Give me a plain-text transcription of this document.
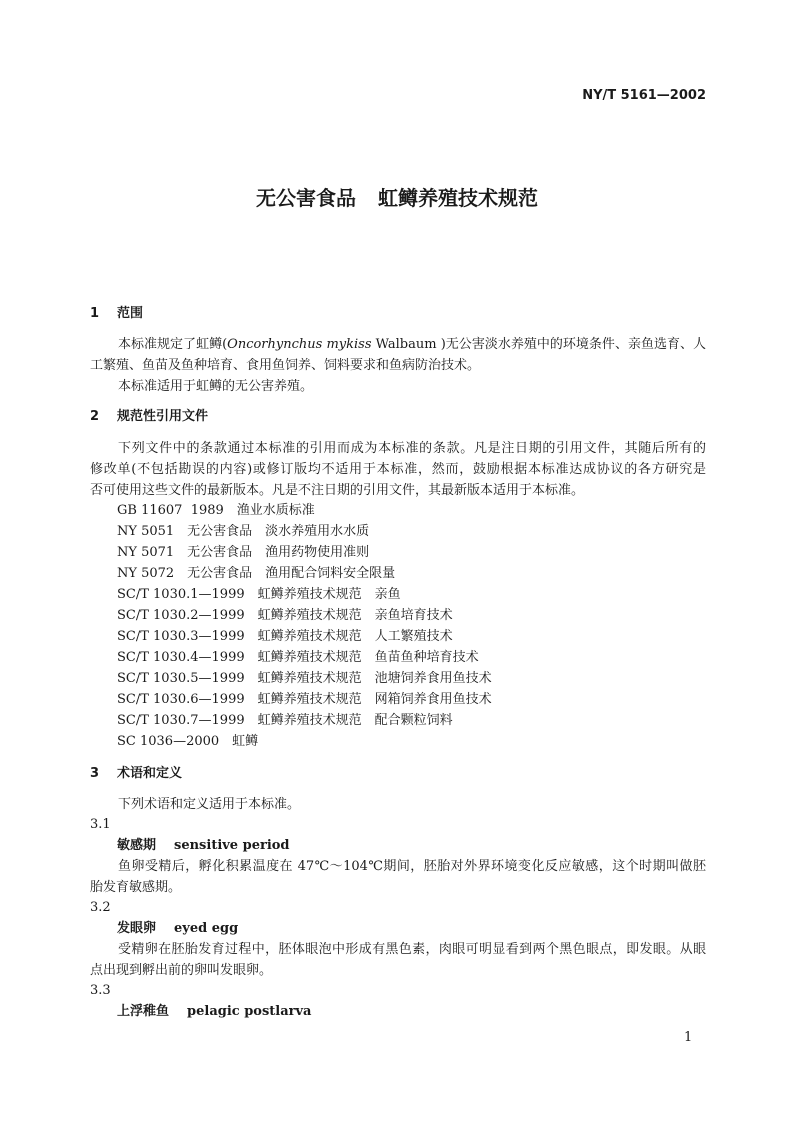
NY/T 5161—2002
无公害食品 虹鳟养殖技术规范
1 范围
本标准规定了虹鳟(Oncorhynchus mykiss Walbaum )无公害淡水养殖中的环境条件、亲鱼选育、人
工繁殖、鱼苗及鱼种培育、食用鱼饲养、饲料要求和鱼病防治技术。
本标准适用于虹鳟的无公害养殖。
2 规范性引用文件
下列文件中的条款通过本标准的引用而成为本标准的条款。凡是注日期的引用文件，其随后所有的
修改单(不包括勘误的内容)或修订版均不适用于本标准，然而，鼓励根据本标准达成协议的各方研究是
否可使用这些文件的最新版本。凡是不注日期的引用文件，其最新版本适用于本标准。
GB 11607  1989　渔业水质标准
NY 5051　无公害食品　淡水养殖用水水质
NY 5071　无公害食品　渔用药物使用准则
NY 5072　无公害食品　渔用配合饲料安全限量
SC/T 1030.1—1999　虹鳟养殖技术规范　亲鱼
SC/T 1030.2—1999　虹鳟养殖技术规范　亲鱼培育技术
SC/T 1030.3—1999　虹鳟养殖技术规范　人工繁殖技术
SC/T 1030.4—1999　虹鳟养殖技术规范　鱼苗鱼种培育技术
SC/T 1030.5—1999　虹鳟养殖技术规范　池塘饲养食用鱼技术
SC/T 1030.6—1999　虹鳟养殖技术规范　网箱饲养食用鱼技术
SC/T 1030.7—1999　虹鳟养殖技术规范　配合颗粒饲料
SC 1036—2000　虹鳟
3 术语和定义
下列术语和定义适用于本标准。
3.1
敏感期 sensitive period
鱼卵受精后，孵化积累温度在 47℃～104℃期间，胚胎对外界环境变化反应敏感，这个时期叫做胚
胎发育敏感期。
3.2
发眼卵 eyed egg
受精卵在胚胎发育过程中，胚体眼泡中形成有黑色素，肉眼可明显看到两个黑色眼点，即发眼。从眼
点出现到孵出前的卵叫发眼卵。
3.3
上浮稚鱼 pelagic postlarva
1
